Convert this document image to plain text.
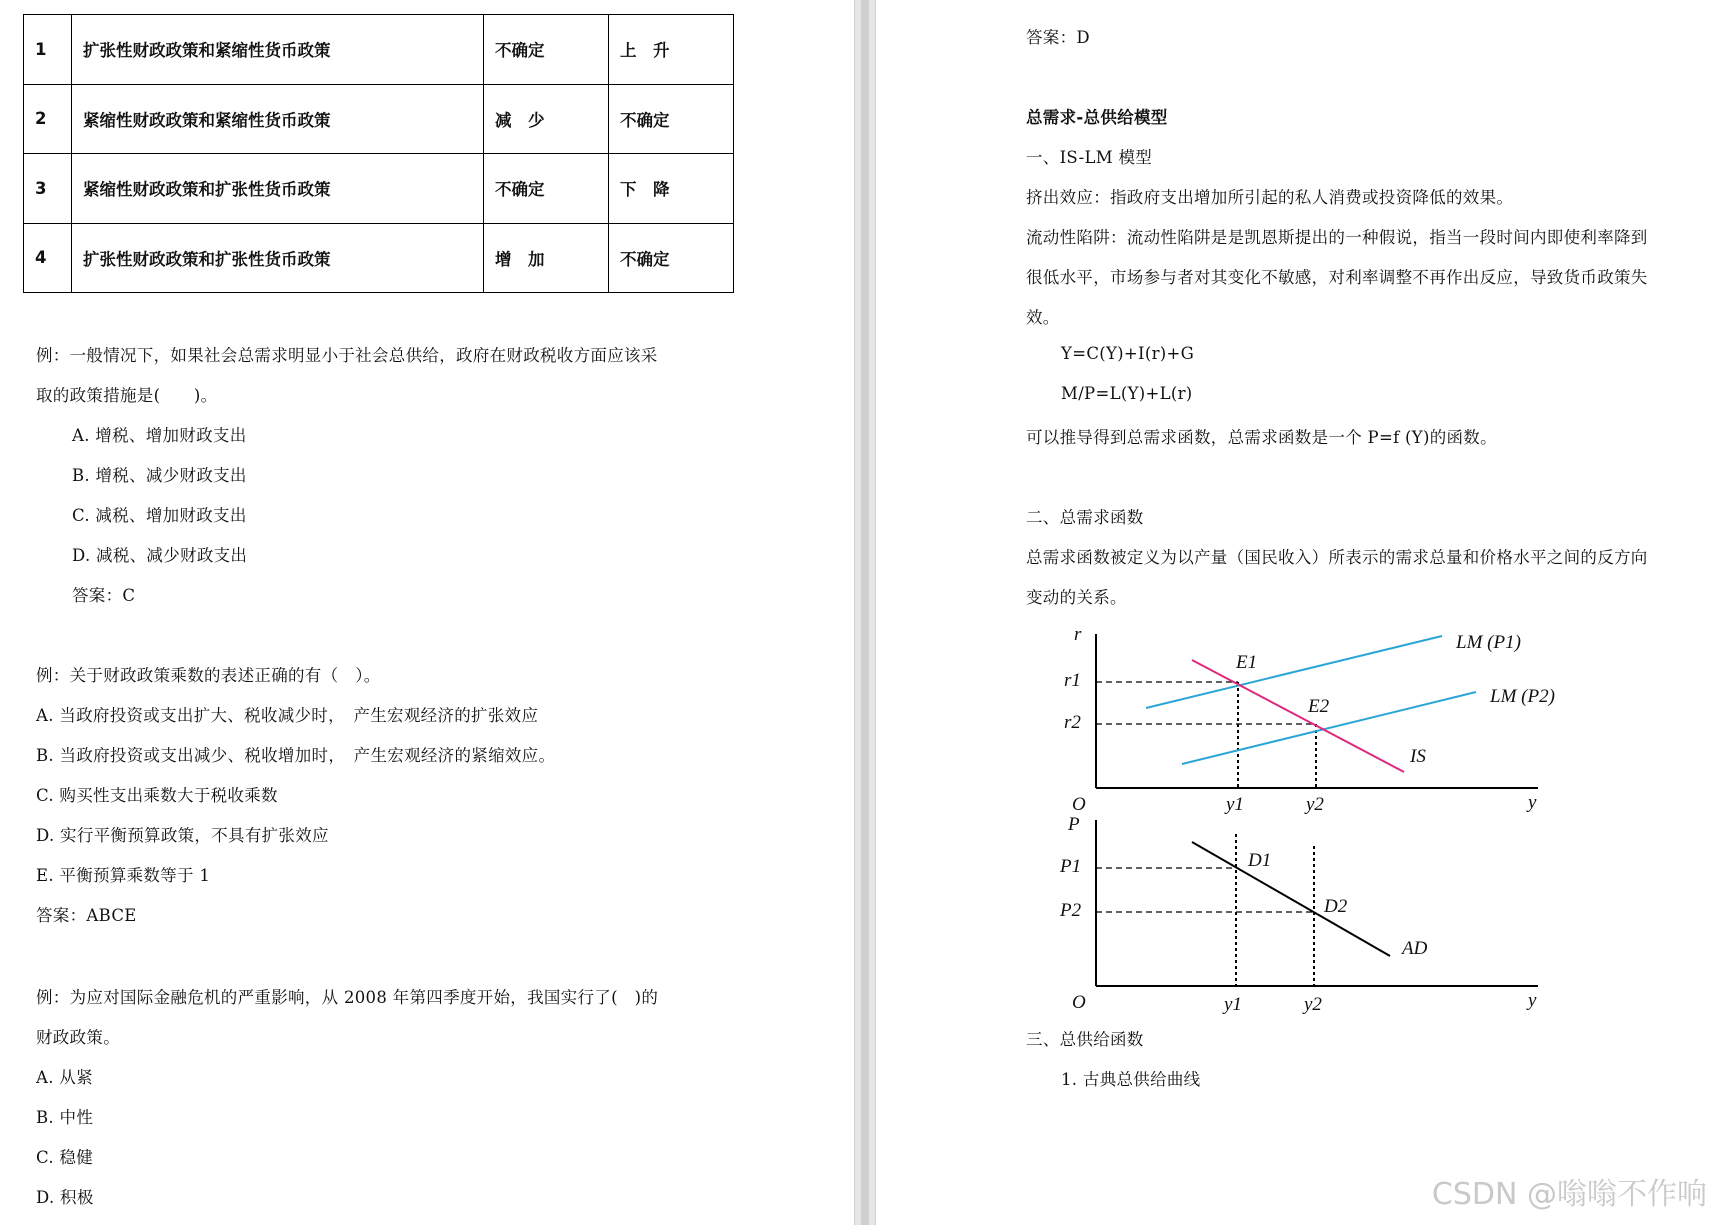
1	扩张性财政政策和紧缩性货币政策	不确定	上　升
2	紧缩性财政政策和紧缩性货币政策	减　少	不确定
3	紧缩性财政政策和扩张性货币政策	不确定	下　降
4	扩张性财政政策和扩张性货币政策	增　加	不确定
例：一般情况下，如果社会总需求明显小于社会总供给，政府在财政税收方面应该采
取的政策措施是(　　)。
A. 增税、增加财政支出
B. 增税、减少财政支出
C. 减税、增加财政支出
D. 减税、减少财政支出
答案：C
例：关于财政政策乘数的表述正确的有（　）。
A. 当政府投资或支出扩大、税收减少时，　产生宏观经济的扩张效应
B. 当政府投资或支出减少、税收增加时，　产生宏观经济的紧缩效应。
C. 购买性支出乘数大于税收乘数
D. 实行平衡预算政策，不具有扩张效应
E. 平衡预算乘数等于 1
答案：ABCE
例：为应对国际金融危机的严重影响，从 2008 年第四季度开始，我国实行了(　)的
财政政策。
A. 从紧
B. 中性
C. 稳健
D. 积极
答案：D
总需求-总供给模型
一、IS-LM 模型
挤出效应：指政府支出增加所引起的私人消费或投资降低的效果。
流动性陷阱：流动性陷阱是是凯恩斯提出的一种假说，指当一段时间内即使利率降到
很低水平，市场参与者对其变化不敏感，对利率调整不再作出反应，导致货币政策失
效。
Y=C(Y)+I(r)+G
M/P=L(Y)+L(r)
可以推导得到总需求函数，总需求函数是一个 P=f (Y)的函数。
二、总需求函数
总需求函数被定义为以产量（国民收入）所表示的需求总量和价格水平之间的反方向
变动的关系。
三、总供给函数
1. 古典总供给曲线
r
y
O
r1
r2
y1	y2
LM (P1)
LM (P2)
IS
E1
E2
P
y
O
P1
P2
y1	y2
AD
D1
D2
CSDN @嗡嗡不作响
